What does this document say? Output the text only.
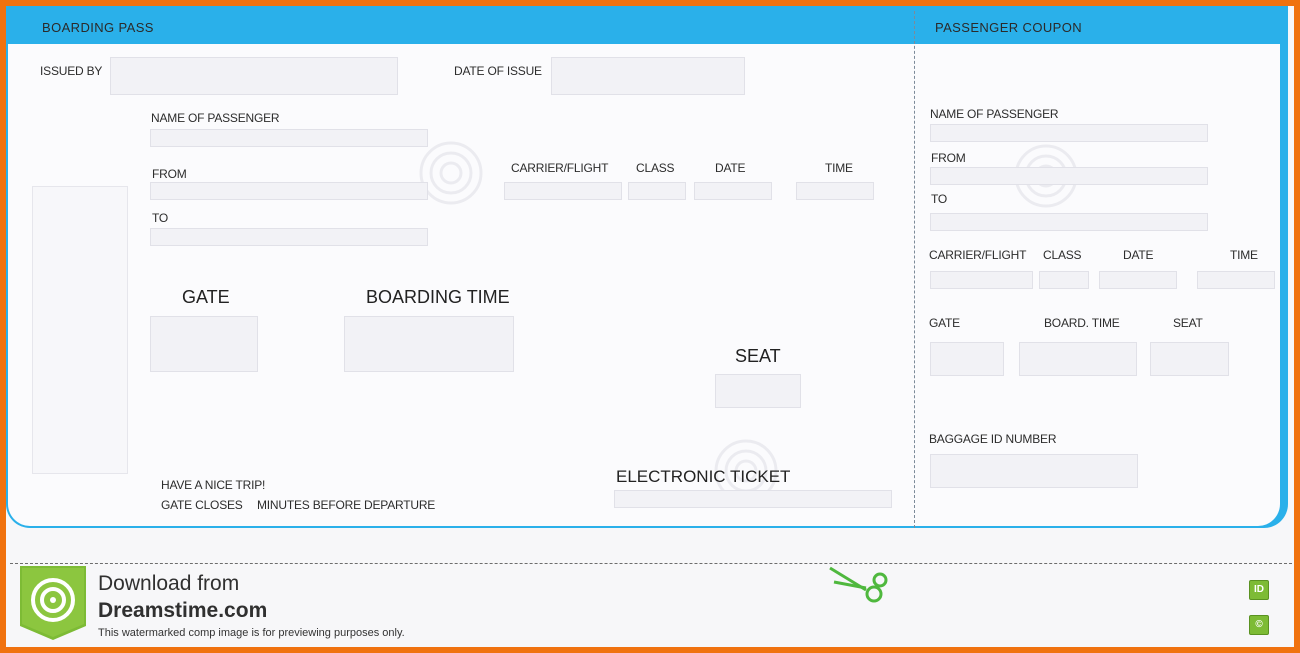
BOARDING PASS	PASSENGER COUPON
ISSUED BY	DATE OF ISSUE
NAME OF PASSENGER
FROM
TO
CARRIER/FLIGHT CLASS	DATE	TIME
GATE	BOARDING TIME
SEAT
ELECTRONIC TICKET
HAVE A NICE TRIP!
GATE CLOSES MINUTES BEFORE DEPARTURE
NAME OF PASSENGER
FROM
TO
CARRIER/FLIGHT CLASS	DATE	TIME
GATE	BOARD. TIME	SEAT
BAGGAGE ID NUMBER
Download from
Dreamstime.com
This watermarked comp image is for previewing purposes only.
ID
©
